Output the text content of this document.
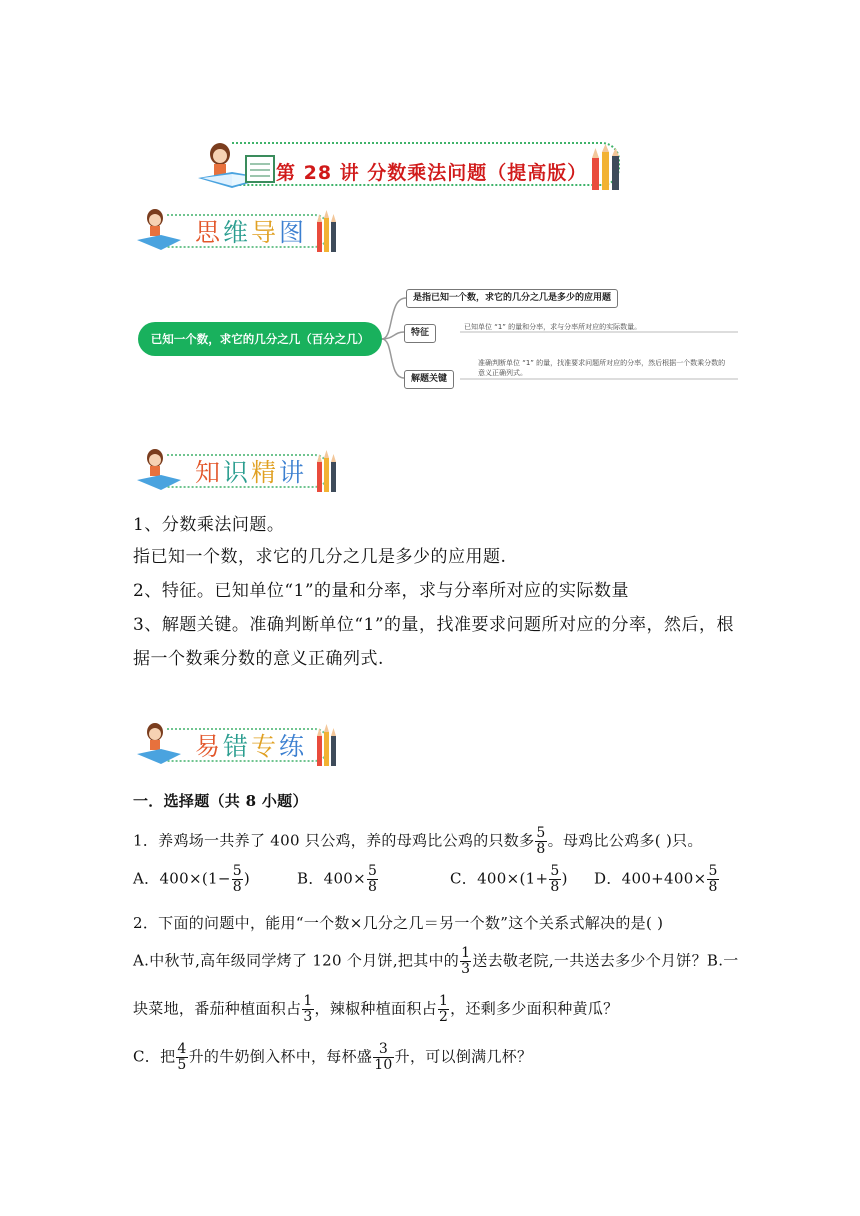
第 28 讲 分数乘法问题（提高版）
思维导图
已知一个数，求它的几分之几（百分之几）
是指已知一个数，求它的几分之几是多少的应用题
特征
已知单位 “1” 的量和分率，求与分率所对应的实际数量。
解题关键
准确判断单位 “1” 的量，找准要求问题所对应的分率，然后根据一个数乘分数的
意义正确列式。
知识精讲
1、分数乘法问题。
指已知一个数，求它的几分之几是多少的应用题.
2、特征。已知单位“1”的量和分率，求与分率所对应的实际数量
3、解题关键。准确判断单位“1”的量，找准要求问题所对应的分率，然后，根
据一个数乘分数的意义正确列式.
易错专练
一．选择题（共 8 小题）
1．养鸡场一共养了 400 只公鸡，养的母鸡比公鸡的只数多 $\frac{5}{8}$ 。母鸡比公鸡多( )只。
A．$400\times(1- \frac{5}{8}$ )	B．$400\times \frac{5}{8}$	C．$400\times(1+ \frac{5}{8}$ ) D．$400+400\times \frac{5}{8}$
2．下面的问题中，能用“一个数×几分之几＝另一个数”这个关系式解决的是( )
A.中秋节,高年级同学烤了 120 个月饼,把其中的 $\frac{1}{3}$ 送去敬老院,一共送去多少个月饼？B.一
块菜地，番茄种植面积占 $\frac{1}{3}$ ，辣椒种植面积占 $\frac{1}{2}$ ，还剩多少面积种黄瓜？
C．把 $\frac{4}{5}$ 升的牛奶倒入杯中，每杯盛 $\frac{3}{10}$ 升，可以倒满几杯？
